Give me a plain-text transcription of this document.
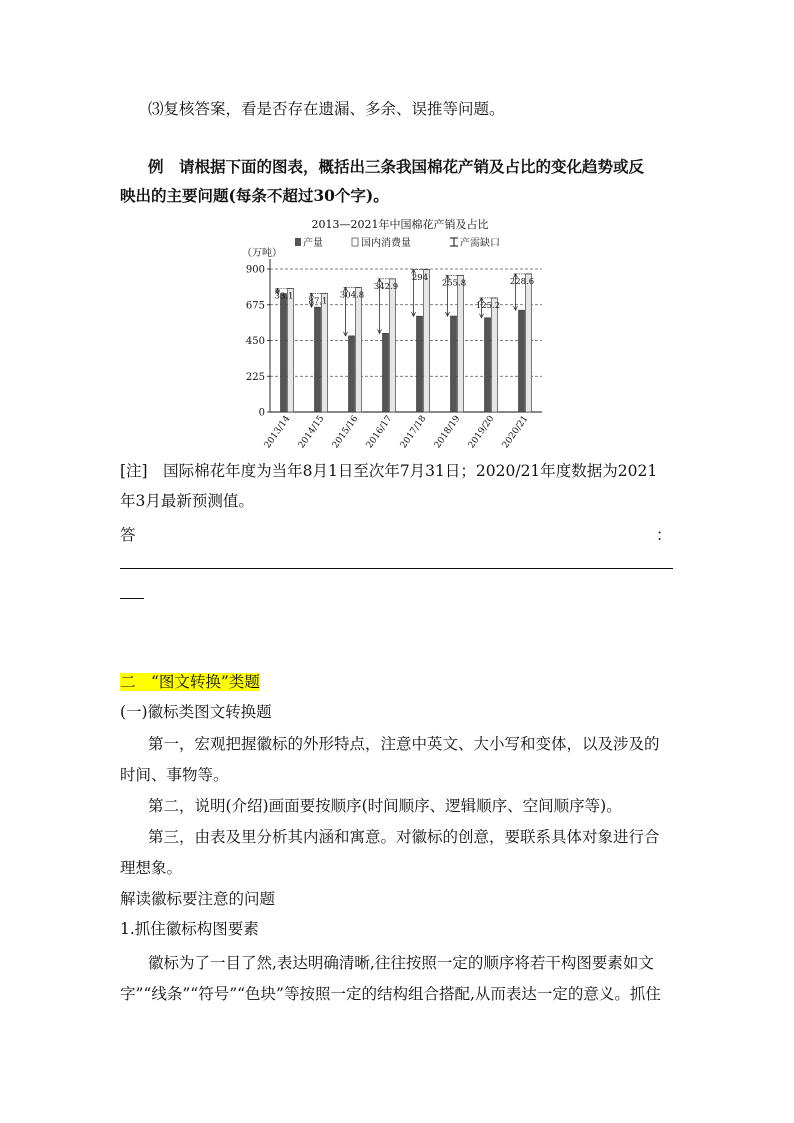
⑶复核答案，看是否存在遗漏、多余、误推等问题。
例　请根据下面的图表，概括出三条我国棉花产销及占比的变化趋势或反
映出的主要问题(每条不超过30个字)。
2013—2021年中国棉花产销及占比
产量	国内消费量	产需缺口
（万吨）
0
225
450
675
900
33.1 87.1
304.8
342.9
294
255.8
125.2
228.6
2013/14 2014/15 2015/16 2016/17 2017/18 2018/19 2019/20 2020/21
[注]　国际棉花年度为当年8月1日至次年7月31日；2020/21年度数据为2021
年3月最新预测值。
答	：
二　“图文转换”类题
(一)徽标类图文转换题
第一，宏观把握徽标的外形特点，注意中英文、大小写和变体，以及涉及的
时间、事物等。
第二，说明(介绍)画面要按顺序(时间顺序、逻辑顺序、空间顺序等)。
第三，由表及里分析其内涵和寓意。对徽标的创意，要联系具体对象进行合
理想象。
解读徽标要注意的问题
1.抓住徽标构图要素
徽标为了一目了然,表达明确清晰,往往按照一定的顺序将若干构图要素如文
字”“线条”“符号”“色块”等按照一定的结构组合搭配,从而表达一定的意义。抓住
